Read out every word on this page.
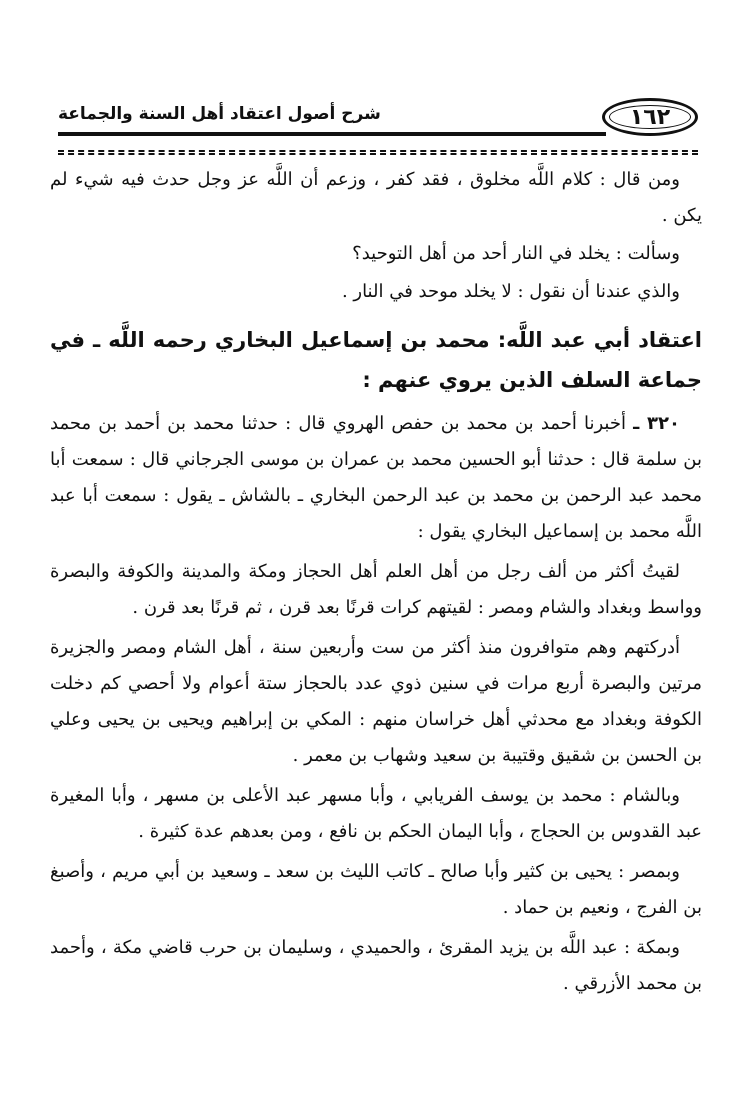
١٦٢
شرح أصول اعتقاد أهل السنة والجماعة

ومن قال : كلام اللَّه مخلوق ، فقد كفر ، وزعم أن اللَّه عز وجل حدث فيه شيء لم يكن .

وسألت : يخلد في النار أحد من أهل التوحيد؟

والذي عندنا أن نقول : لا يخلد موحد في النار .

اعتقاد أبي عبد اللَّه: محمد بن إسماعيل البخاري رحمه اللَّه ـ في جماعة السلف الذين يروي عنهم :

٣٢٠ ـ أخبرنا أحمد بن محمد بن حفص الهروي قال : حدثنا محمد بن أحمد بن محمد بن سلمة قال : حدثنا أبو الحسين محمد بن عمران بن موسى الجرجاني قال : سمعت أبا محمد عبد الرحمن بن محمد بن عبد الرحمن البخاري ـ بالشاش ـ يقول : سمعت أبا عبد اللَّه محمد بن إسماعيل البخاري يقول :

لقيتُ أكثر من ألف رجل من أهل العلم أهل الحجاز ومكة والمدينة والكوفة والبصرة وواسط وبغداد والشام ومصر : لقيتهم كرات قرنًا بعد قرن ، ثم قرنًا بعد قرن .

أدركتهم وهم متوافرون منذ أكثر من ست وأربعين سنة ، أهل الشام ومصر والجزيرة مرتين والبصرة أربع مرات في سنين ذوي عدد بالحجاز ستة أعوام ولا أحصي كم دخلت الكوفة وبغداد مع محدثي أهل خراسان منهم : المكي بن إبراهيم ويحيى بن يحيى وعلي بن الحسن بن شقيق وقتيبة بن سعيد وشهاب بن معمر .

وبالشام : محمد بن يوسف الفريابي ، وأبا مسهر عبد الأعلى بن مسهر ، وأبا المغيرة عبد القدوس بن الحجاج ، وأبا اليمان الحكم بن نافع ، ومن بعدهم عدة كثيرة .

وبمصر : يحيى بن كثير وأبا صالح ـ كاتب الليث بن سعد ـ وسعيد بن أبي مريم ، وأصبغ بن الفرج ، ونعيم بن حماد .

وبمكة : عبد اللَّه بن يزيد المقرئ ، والحميدي ، وسليمان بن حرب قاضي مكة ، وأحمد بن محمد الأزرقي .
